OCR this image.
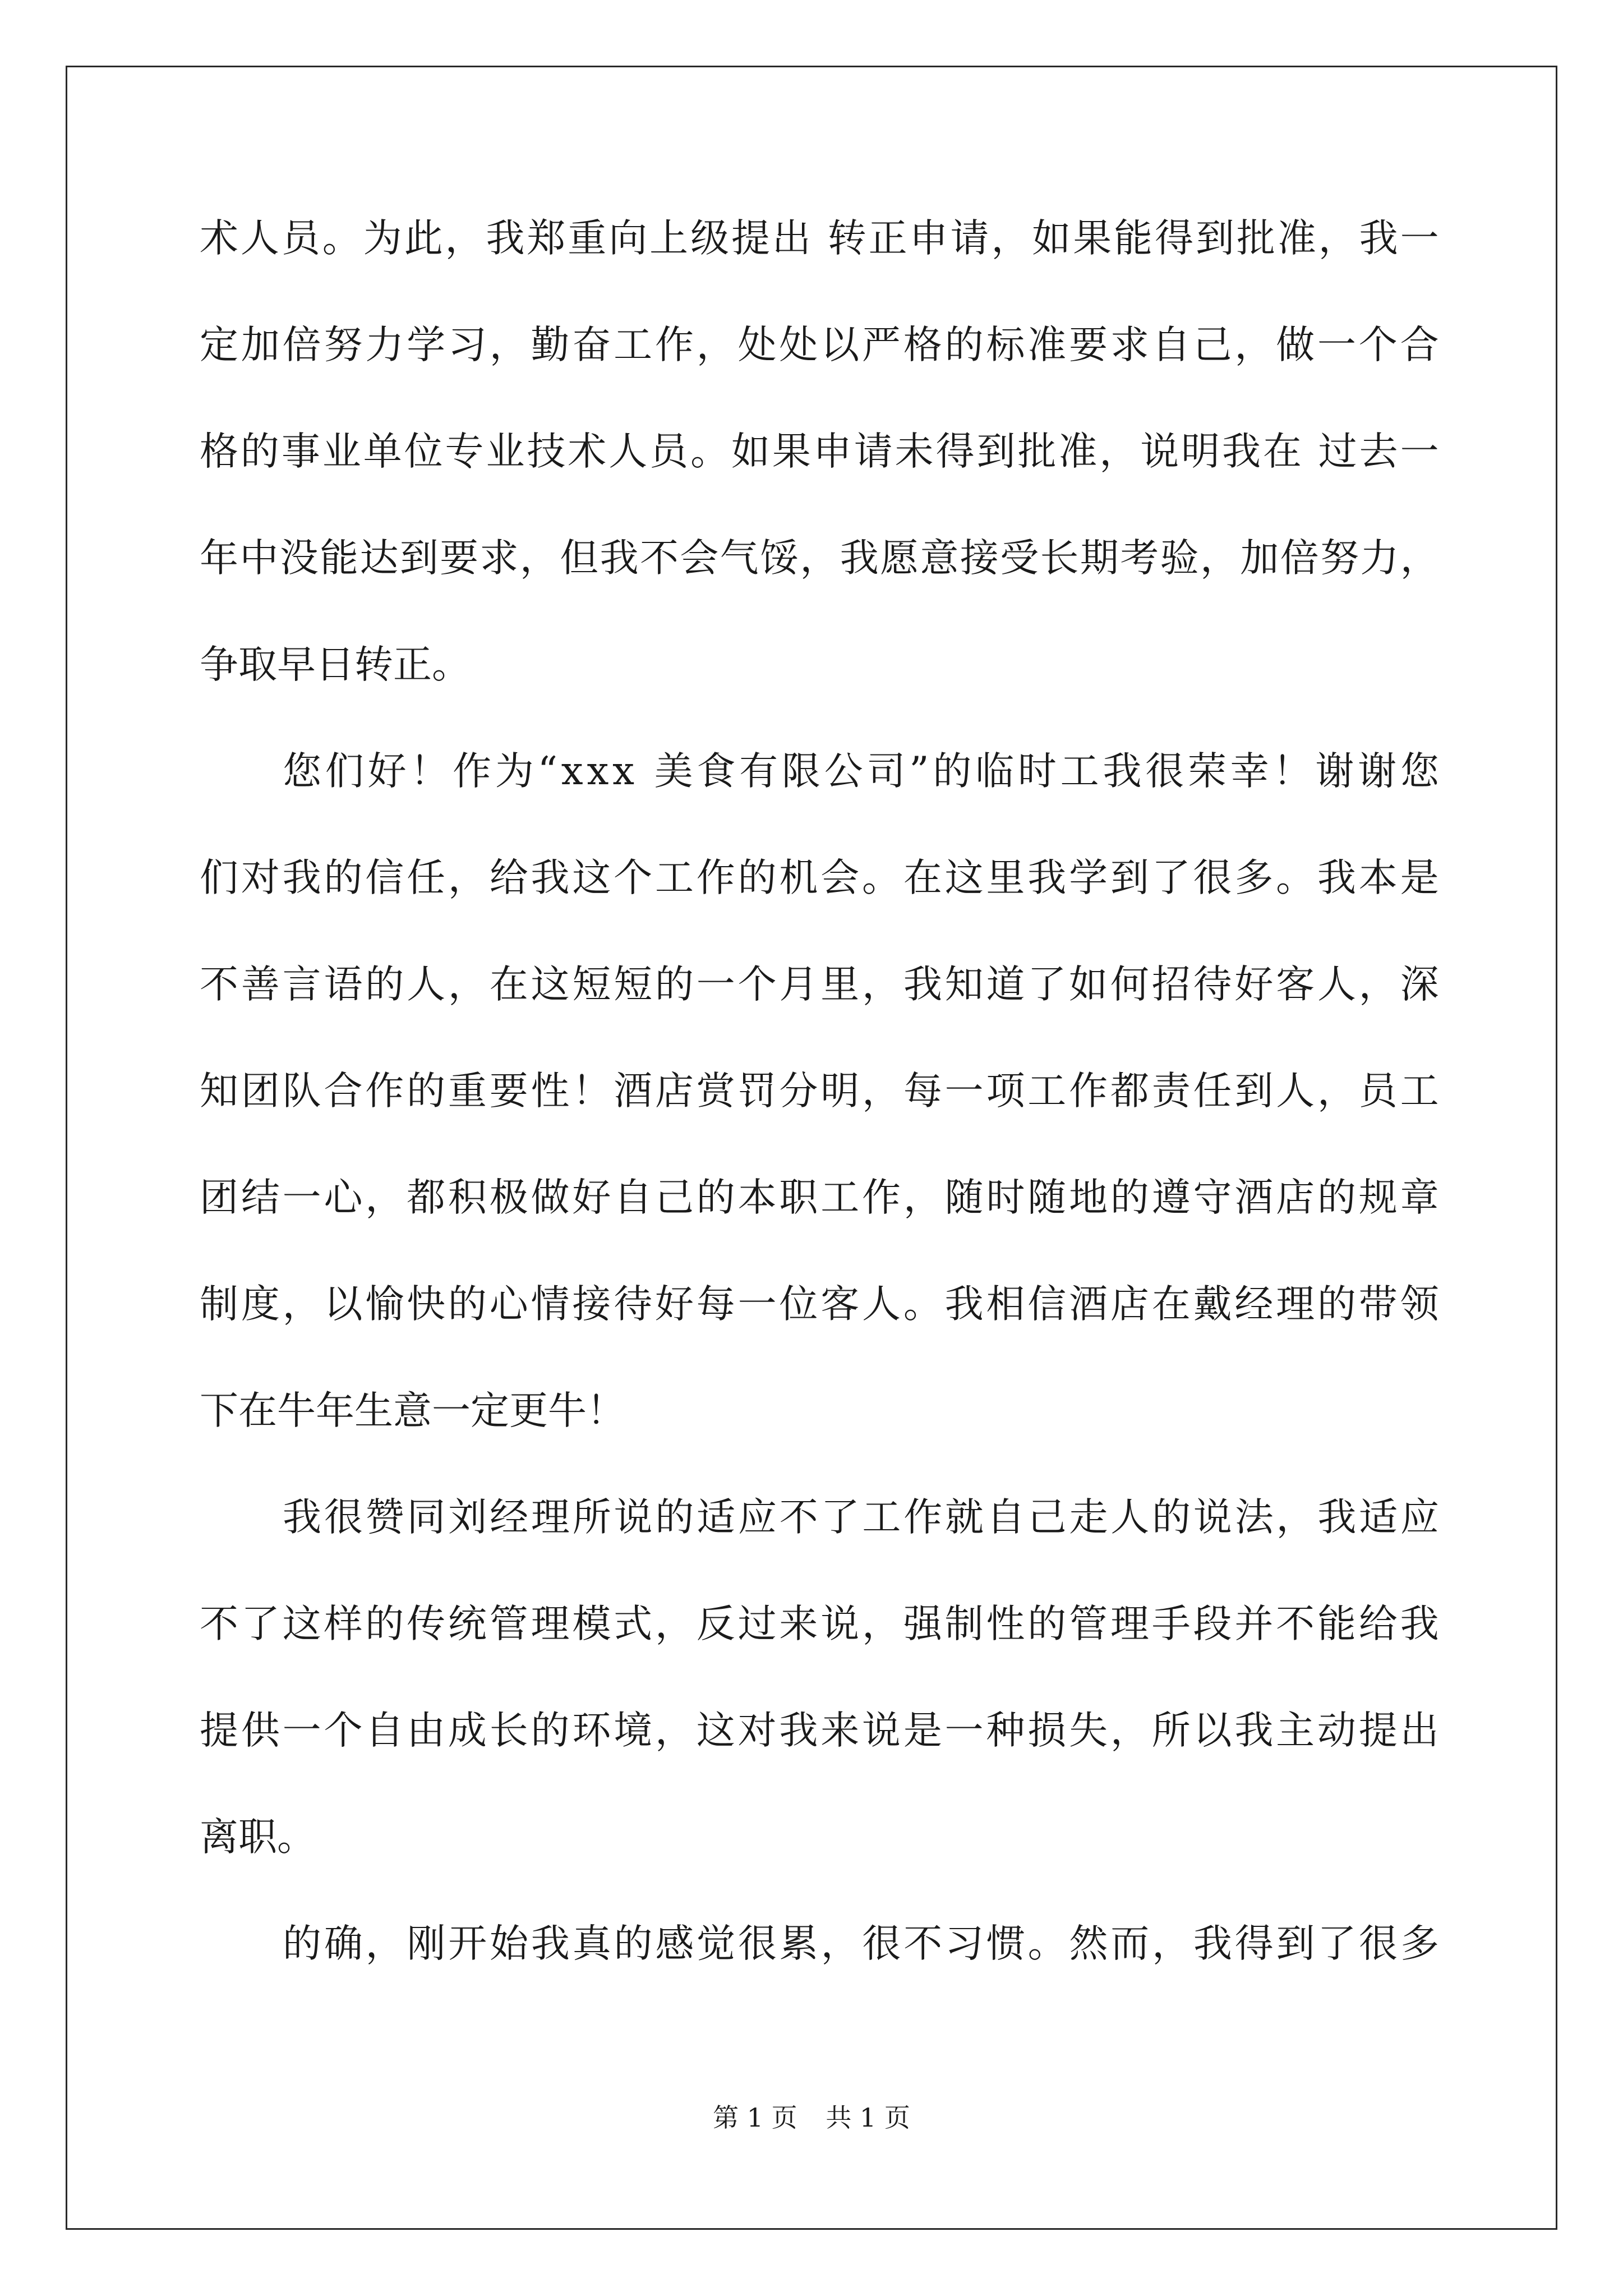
术 人 员 。 为 此 ， 我 郑 重 向 上 级 提 出
转 正 申 请 ， 如 果 能 得 到 批 准 ， 我 一
定 加 倍 努 力 学 习 ， 勤 奋 工 作 ， 处 处 以 严 格 的 标 准 要 求 自 己 ， 做 一 个 合
格 的 事 业 单 位 专 业 技 术 人 员 。 如 果 申 请 未 得 到 批 准 ， 说 明 我 在
过 去 一
年 中 没 能 达 到 要 求 ， 但 我 不 会 气 馁 ， 我 愿 意 接 受 长 期 考 验 ， 加 倍 努 力 ，
争取早日转正。
您 们 好 ！ 作 为 “ x x x
美 食 有 限 公 司 ” 的 临 时 工 我 很 荣 幸 ！ 谢 谢 您
们 对 我 的 信 任 ， 给 我 这 个 工 作 的 机 会 。 在 这 里 我 学 到 了 很 多 。 我 本 是
不 善 言 语 的 人 ， 在 这 短 短 的 一 个 月 里 ， 我 知 道 了 如 何 招 待 好 客 人 ， 深
知 团 队 合 作 的 重 要 性 ！ 酒 店 赏 罚 分 明 ， 每 一 项 工 作 都 责 任 到 人 ， 员 工
团 结 一 心 ， 都 积 极 做 好 自 己 的 本 职 工 作 ， 随 时 随 地 的 遵 守 酒 店 的 规 章
制 度 ， 以 愉 快 的 心 情 接 待 好 每 一 位 客 人 。 我 相 信 酒 店 在 戴 经 理 的 带 领
下在牛年生意一定更牛！
我 很 赞 同 刘 经 理 所 说 的 适 应 不 了 工 作 就 自 己 走 人 的 说 法 ， 我 适 应
不 了 这 样 的 传 统 管 理 模 式 ， 反 过 来 说 ， 强 制 性 的 管 理 手 段 并 不 能 给 我
提 供 一 个 自 由 成 长 的 环 境 ， 这 对 我 来 说 是 一 种 损 失 ， 所 以 我 主 动 提 出
离职。
的 确 ， 刚 开 始 我 真 的 感 觉 很 累 ， 很 不 习 惯 。 然 而 ， 我 得 到 了 很 多
第 1 页 共 1 页
